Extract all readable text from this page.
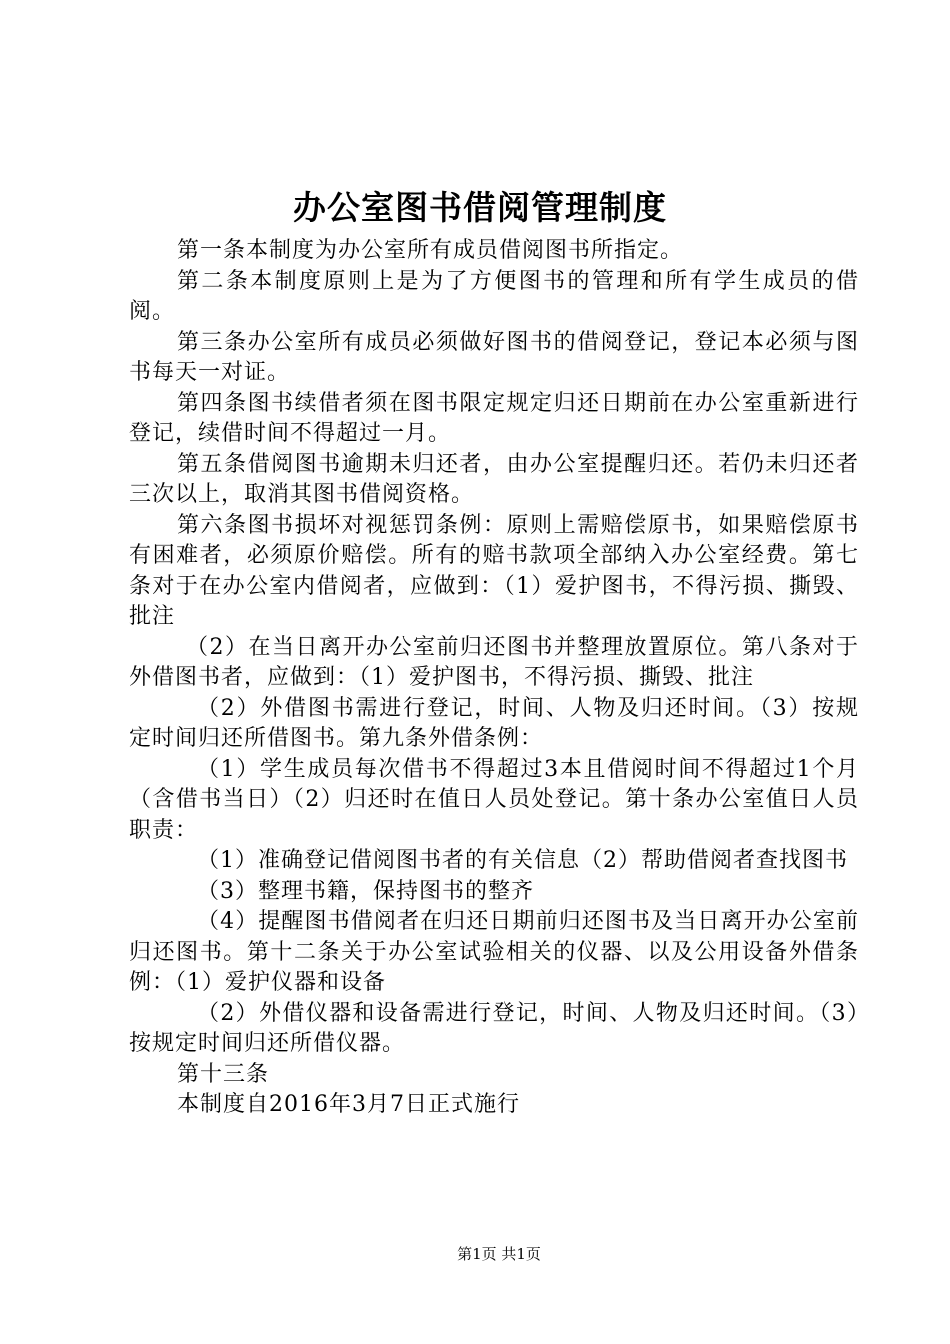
办公室图书借阅管理制度

第一条本制度为办公室所有成员借阅图书所指定。

第二条本制度原则上是为了方便图书的管理和所有学生成员的借阅。

第三条办公室所有成员必须做好图书的借阅登记，登记本必须与图书每天一对证。

第四条图书续借者须在图书限定规定归还日期前在办公室重新进行登记，续借时间不得超过一月。

第五条借阅图书逾期未归还者，由办公室提醒归还。若仍未归还者三次以上，取消其图书借阅资格。

第六条图书损坏对视惩罚条例：原则上需赔偿原书，如果赔偿原书有困难者，必须原价赔偿。所有的赔书款项全部纳入办公室经费。第七条对于在办公室内借阅者，应做到：（1）爱护图书，不得污损、撕毁、批注

（2）在当日离开办公室前归还图书并整理放置原位。第八条对于外借图书者，应做到：（1）爱护图书，不得污损、撕毁、批注

（2）外借图书需进行登记，时间、人物及归还时间。（3）按规定时间归还所借图书。第九条外借条例：

（1）学生成员每次借书不得超过3本且借阅时间不得超过1个月（含借书当日）（2）归还时在值日人员处登记。第十条办公室值日人员职责：

（1）准确登记借阅图书者的有关信息（2）帮助借阅者查找图书

（3）整理书籍，保持图书的整齐

（4）提醒图书借阅者在归还日期前归还图书及当日离开办公室前归还图书。第十二条关于办公室试验相关的仪器、以及公用设备外借条例：（1）爱护仪器和设备

（2）外借仪器和设备需进行登记，时间、人物及归还时间。（3）按规定时间归还所借仪器。

第十三条

本制度自2016年3月7日正式施行

第1页 共1页
